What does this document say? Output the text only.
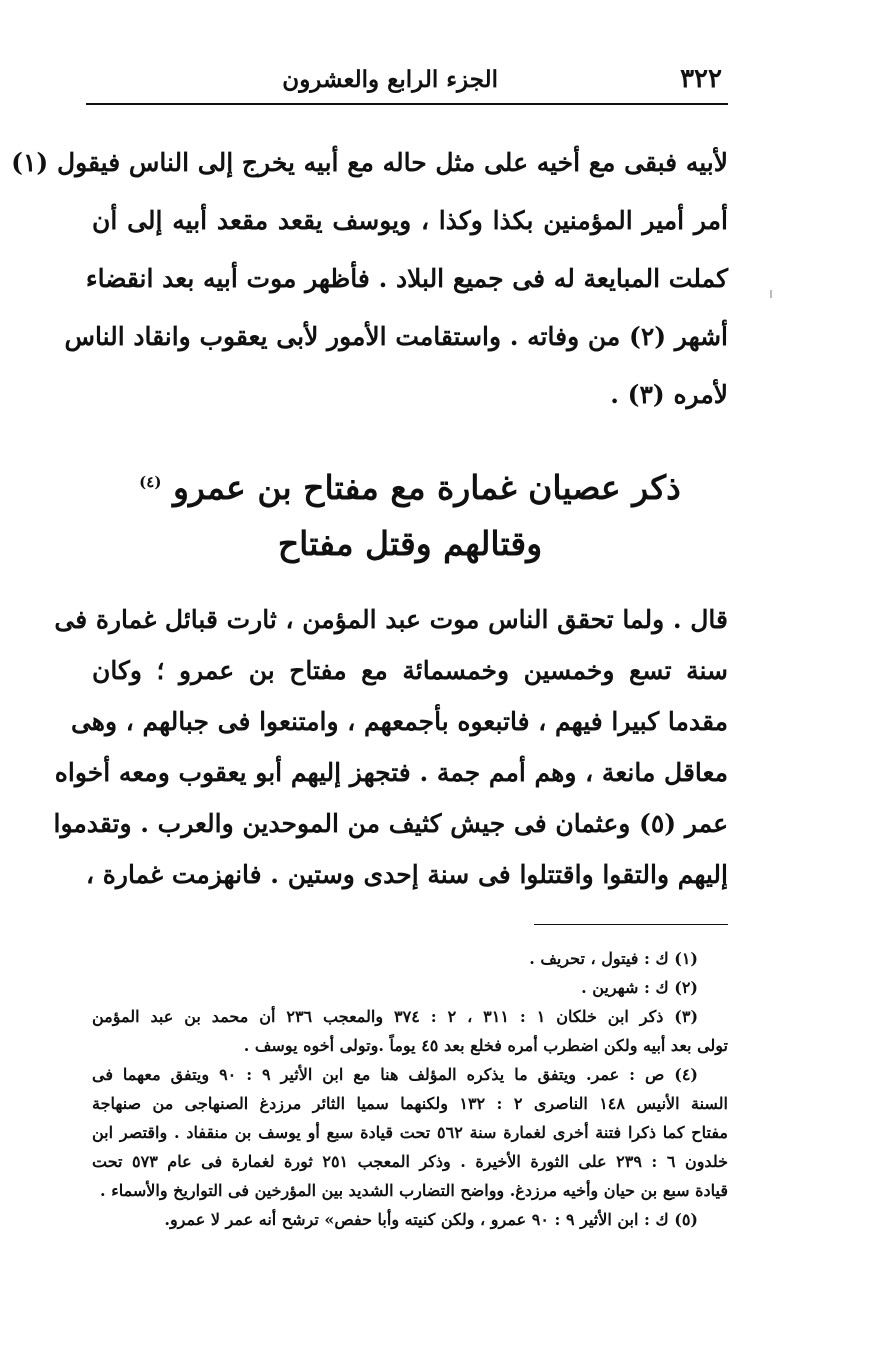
٣٢٢
الجزء الرابع والعشرون
لأبيه فبقى مع أخيه على مثل حاله مع أبيه يخرج إلى الناس فيقول (١)
أمر أمير المؤمنين بكذا وكذا ، ويوسف يقعد مقعد أبيه إلى أن
كملت المبايعة له فى جميع البلاد . فأظهر موت أبيه بعد انقضاء
أشهر (٢) من وفاته . واستقامت الأمور لأبى يعقوب وانقاد الناس
لأمره (٣) .
ذكر عصيان غمارة مع مفتاح بن عمرو $^{(٤)}$
وقتالهم وقتل مفتاح
قال . ولما تحقق الناس موت عبد المؤمن ، ثارت قبائل غمارة فى
سنة تسع وخمسين وخمسمائة مع مفتاح بن عمرو ؛ وكان
مقدما كبيرا فيهم ، فاتبعوه بأجمعهم ، وامتنعوا فى جبالهم ، وهى
معاقل مانعة ، وهم أمم جمة . فتجهز إليهم أبو يعقوب ومعه أخواه
عمر (٥) وعثمان فى جيش كثيف من الموحدين والعرب . وتقدموا
إليهم والتقوا واقتتلوا فى سنة إحدى وستين . فانهزمت غمارة ،
(١) ك : فيتول ، تحريف .
(٢) ك : شهرين .
(٣) ذكر ابن خلكان ١ : ٣١١ ، ٢ : ٣٧٤ والمعجب ٢٣٦ أن محمد بن عبد المؤمن
تولى بعد أبيه ولكن اضطرب أمره فخلع بعد ٤٥ يوماً .وتولى أخوه يوسف .
(٤) ص : عمر. ويتفق ما يذكره المؤلف هنا مع ابن الأثير ٩ : ٩٠ ويتفق معهما فى
السنة الأنيس ١٤٨ الناصرى ٢ : ١٣٢ ولكنهما سميا الثائر مرزدغ الصنهاجى من صنهاجة
مفتاح كما ذكرا فتنة أخرى لغمارة سنة ٥٦٢ تحت قيادة سبع أو يوسف بن منقفاد . واقتصر ابن
خلدون ٦ : ٢٣٩ على الثورة الأخيرة . وذكر المعجب ٢٥١ ثورة لغمارة فى عام ٥٧٣ تحت
قيادة سبع بن حيان وأخيه مرزدغ. وواضح التضارب الشديد بين المؤرخين فى التواريخ والأسماء .
(٥) ك : ابن الأثير ٩ : ٩٠ عمرو ، ولكن كنيته وأبا حفص» ترشح أنه عمر لا عمرو.
